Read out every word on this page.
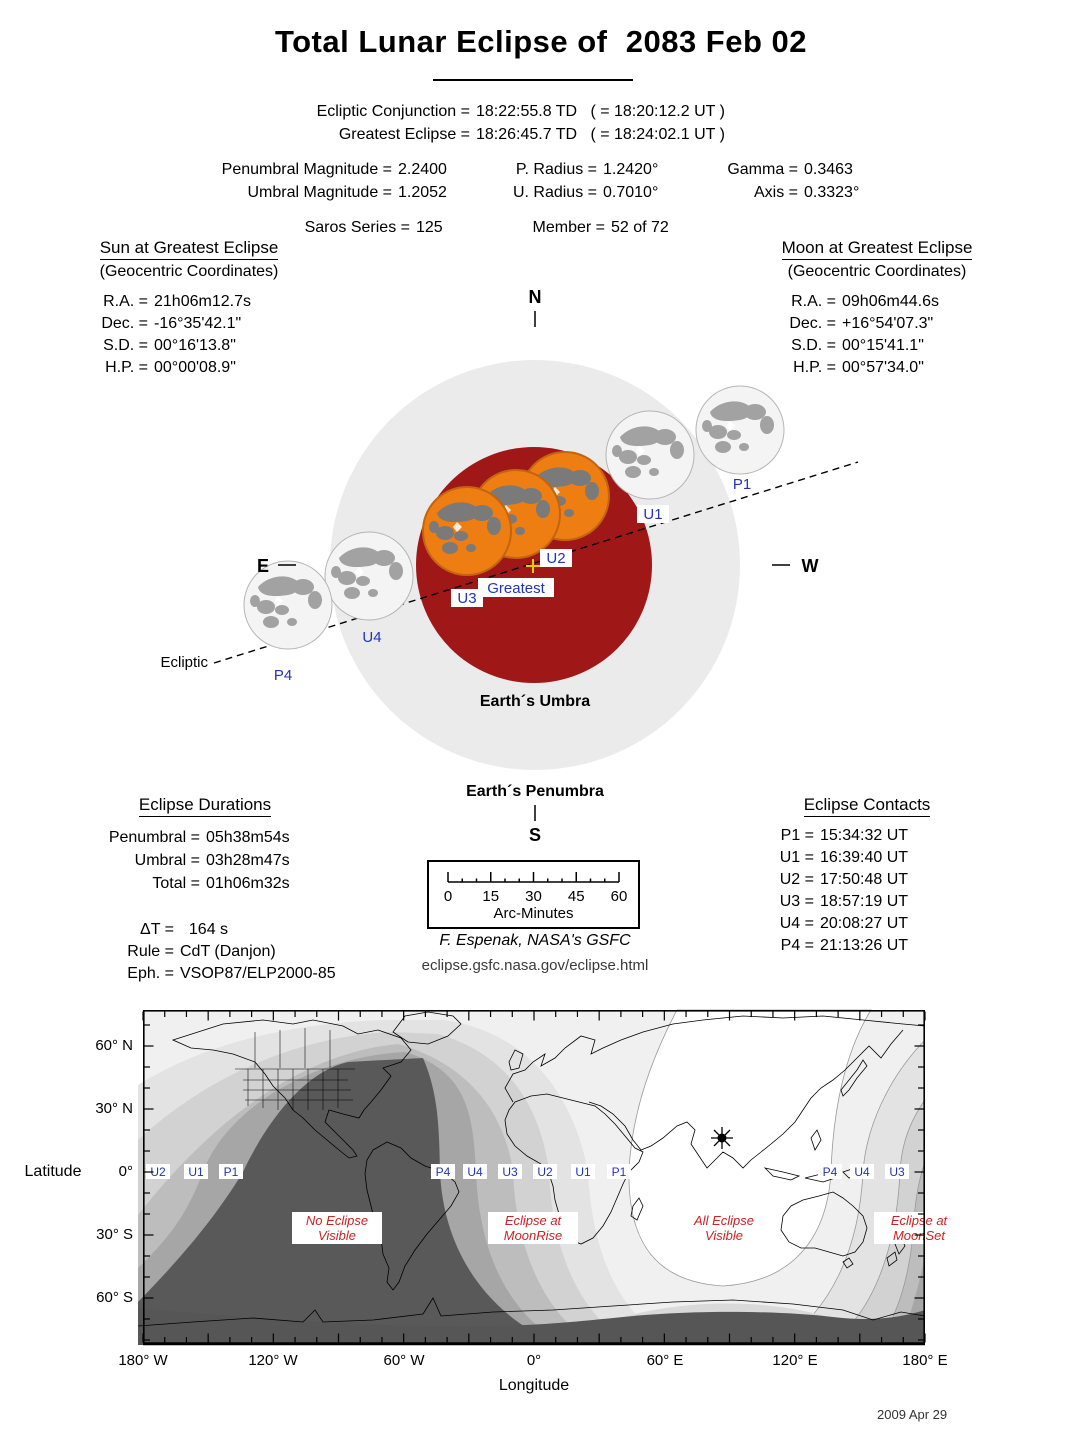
Total Lunar Eclipse of  2083 Feb 02
Ecliptic Conjunction = 18:22:55.8 TD   ( = 18:20:12.2 UT )
Greatest Eclipse = 18:26:45.7 TD   ( = 18:24:02.1 UT )
Penumbral Magnitude = 2.2400	P. Radius = 1.2420°	Gamma = 0.3463
Umbral Magnitude = 1.2052	U. Radius = 0.7010°	Axis = 0.3323°
Saros Series = 125	Member = 52 of 72
Sun at Greatest Eclipse
(Geocentric Coordinates)
R.A. = 21h06m12.7s
Dec. = -16°35'42.1"
S.D. = 00°16'13.8"
H.P. = 00°00'08.9"
Moon at Greatest Eclipse
(Geocentric Coordinates)
R.A. = 09h06m44.6s
Dec. = +16°54'07.3"
S.D. = 00°15'41.1"
H.P. = 00°57'34.0"
Ecliptic
P1
U1
U2
Greatest
U3
U4
P4
Earth´s Umbra
Earth´s Penumbra
N
S
E	W
Eclipse Durations
Penumbral = 05h38m54s
Umbral = 03h28m47s
Total = 01h06m32s
ΔT = 164 s
Rule = CdT (Danjon)
Eph. = VSOP87/ELP2000-85
Eclipse Contacts
P1 = 15:34:32 UT
U1 = 16:39:40 UT
U2 = 17:50:48 UT
U3 = 18:57:19 UT
U4 = 20:08:27 UT
P4 = 21:13:26 UT
0 15 30 45 60
Arc-Minutes
F. Espenak, NASA's GSFC
eclipse.gsfc.nasa.gov/eclipse.html
U2 U1 P1	P4 U4 U3 U2 U1 P1	P4 U4 U3
No Eclipse
Visible
Eclipse at
MoonRise
All Eclipse
Visible
Eclipse at
MoonSet
180° W	120° W	60° W	0°	60° E	120° E	180° E
Longitude
60° N
30° N
0°
30° S
60° S
Latitude
2009 Apr 29
